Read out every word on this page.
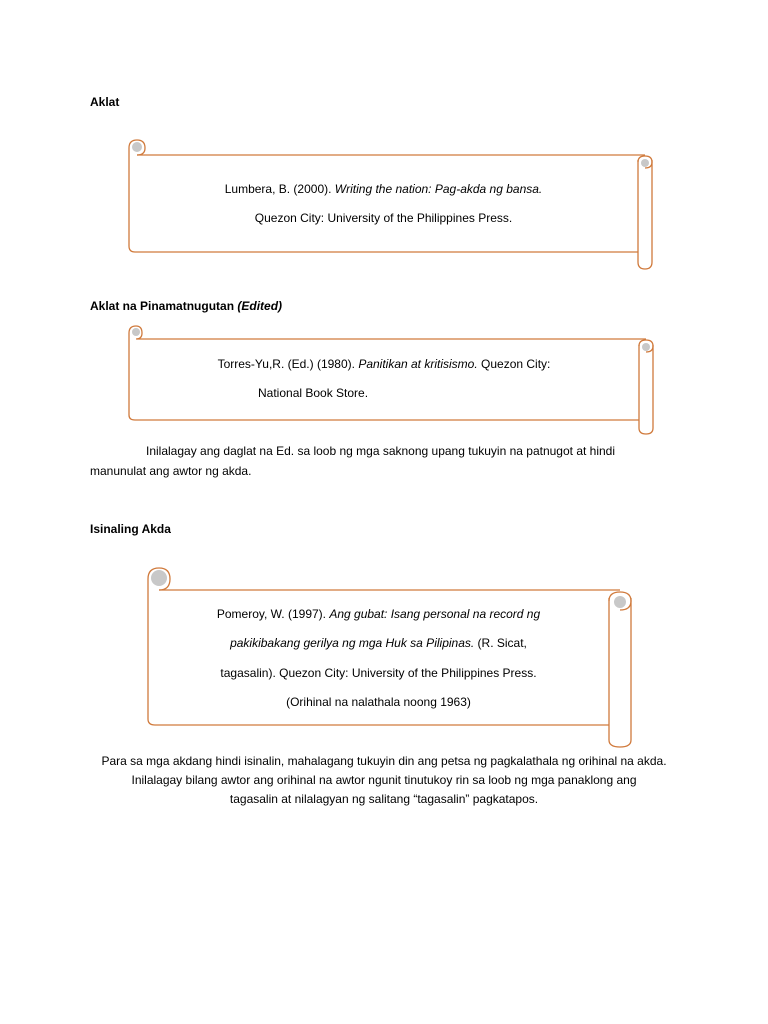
Aklat
Lumbera, B. (2000). Writing the nation: Pag-akda ng bansa.
Quezon City: University of the Philippines Press.
Aklat na Pinamatnugutan (Edited)
Torres-Yu,R. (Ed.) (1980). Panitikan at kritisismo. Quezon City:
National Book Store.
Inilalagay ang daglat na Ed. sa loob ng mga saknong upang tukuyin na patnugot at hindi
manunulat ang awtor ng akda.
Isinaling Akda
Pomeroy, W. (1997). Ang gubat: Isang personal na record ng
pakikibakang gerilya ng mga Huk sa Pilipinas. (R. Sicat,
tagasalin). Quezon City: University of the Philippines Press.
(Orihinal na nalathala noong 1963)
Para sa mga akdang hindi isinalin, mahalagang tukuyin din ang petsa ng pagkalathala ng orihinal na akda.
Inilalagay bilang awtor ang orihinal na awtor ngunit tinutukoy rin sa loob ng mga panaklong ang
tagasalin at nilalagyan ng salitang “tagasalin” pagkatapos.
